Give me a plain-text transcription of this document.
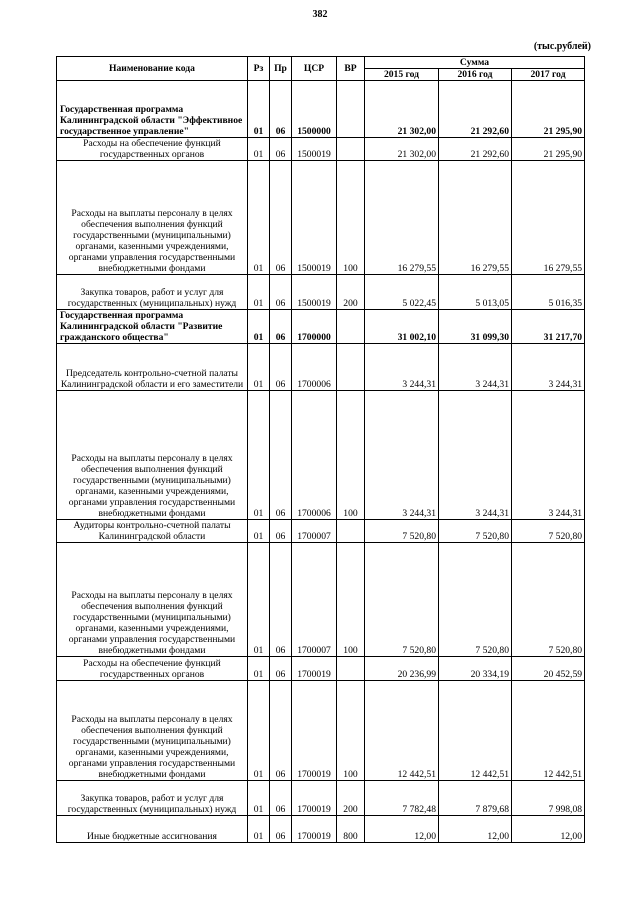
382
(тыс.рублей)
Наименование кода	Рз	Пр	ЦСР	ВР	Сумма		
					2015 год	2016 год	2017 год
Государственная программа Калининградской области "Эффективное государственное управление"	01	06	1500000		21 302,00	21 292,60	21 295,90
Расходы на обеспечение функций государственных органов	01	06	1500019		21 302,00	21 292,60	21 295,90
Расходы на выплаты персоналу в целях обеспечения выполнения функций государственными (муниципальными) органами, казенными учреждениями, органами управления государственными внебюджетными фондами	01	06	1500019	100	16 279,55	16 279,55	16 279,55
Закупка товаров, работ и услуг для государственных (муниципальных) нужд	01	06	1500019	200	5 022,45	5 013,05	5 016,35
Государственная программа Калининградской области "Развитие гражданского общества"	01	06	1700000		31 002,10	31 099,30	31 217,70
Председатель контрольно-счетной палаты Калининградской области и его заместители	01	06	1700006		3 244,31	3 244,31	3 244,31
Расходы на выплаты персоналу в целях обеспечения выполнения функций государственными (муниципальными) органами, казенными учреждениями, органами управления государственными внебюджетными фондами	01	06	1700006	100	3 244,31	3 244,31	3 244,31
Аудиторы контрольно-счетной палаты Калининградской области	01	06	1700007		7 520,80	7 520,80	7 520,80
Расходы на выплаты персоналу в целях обеспечения выполнения функций государственными (муниципальными) органами, казенными учреждениями, органами управления государственными внебюджетными фондами	01	06	1700007	100	7 520,80	7 520,80	7 520,80
Расходы на обеспечение функций государственных органов	01	06	1700019		20 236,99	20 334,19	20 452,59
Расходы на выплаты персоналу в целях обеспечения выполнения функций государственными (муниципальными) органами, казенными учреждениями, органами управления государственными внебюджетными фондами	01	06	1700019	100	12 442,51	12 442,51	12 442,51
Закупка товаров, работ и услуг для государственных (муниципальных) нужд	01	06	1700019	200	7 782,48	7 879,68	7 998,08
Иные бюджетные ассигнования	01	06	1700019	800	12,00	12,00	12,00
